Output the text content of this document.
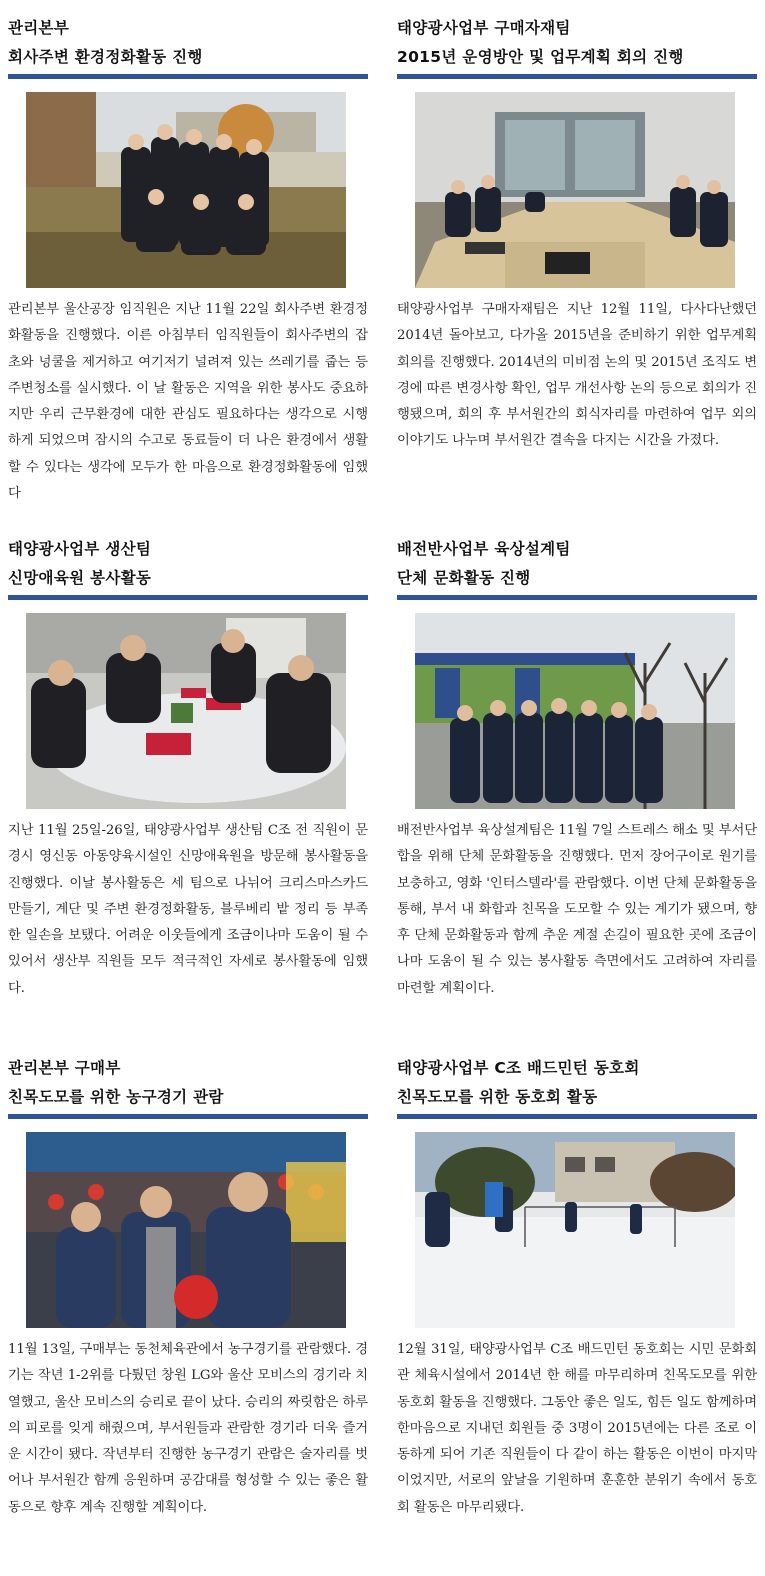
관리본부
회사주변 환경정화활동 진행
관리본부 울산공장 임직원은 지난 11월 22일 회사주변 환경정화활동을 진행했다. 이른 아침부터 임직원들이 회사주변의 잡초와 넝쿨을 제거하고 여기저기 널려져 있는 쓰레기를 줍는 등 주변청소를 실시했다. 이 날 활동은 지역을 위한 봉사도 중요하지만 우리 근무환경에 대한 관심도 필요하다는 생각으로 시행하게 되었으며 잠시의 수고로 동료들이 더 나은 환경에서 생활할 수 있다는 생각에 모두가 한 마음으로 환경정화활동에 임했다
태양광사업부 구매자재팀
2015년 운영방안 및 업무계획 회의 진행
태양광사업부 구매자재팀은 지난 12월 11일, 다사다난했던 2014년 돌아보고, 다가올 2015년을 준비하기 위한 업무계획 회의를 진행했다. 2014년의 미비점 논의 및 2015년 조직도 변경에 따른 변경사항 확인, 업무 개선사항 논의 등으로 회의가 진행됐으며, 회의 후 부서원간의 회식자리를 마련하여 업무 외의 이야기도 나누며 부서원간 결속을 다지는 시간을 가졌다.
태양광사업부 생산팀
신망애육원 봉사활동
지난 11월 25일-26일, 태양광사업부 생산팀 C조 전 직원이 문경시 영신동 아동양육시설인 신망애육원을 방문해 봉사활동을 진행했다. 이날 봉사활동은 세 팀으로 나뉘어 크리스마스카드 만들기, 계단 및 주변 환경정화활동, 블루베리 밭 정리 등 부족한 일손을 보탰다. 어려운 이웃들에게 조금이나마 도움이 될 수 있어서 생산부 직원들 모두 적극적인 자세로 봉사활동에 임했다.
배전반사업부 육상설계팀
단체 문화활동 진행
배전반사업부 육상설계팀은 11월 7일 스트레스 해소 및 부서단합을 위해 단체 문화활동을 진행했다. 먼저 장어구이로 원기를 보충하고, 영화 '인터스텔라'를 관람했다. 이번 단체 문화활동을 통해, 부서 내 화합과 친목을 도모할 수 있는 계기가 됐으며, 향후 단체 문화활동과 함께 추운 계절 손길이 필요한 곳에 조금이나마 도움이 될 수 있는 봉사활동 측면에서도 고려하여 자리를 마련할 계획이다.
관리본부 구매부
친목도모를 위한 농구경기 관람
11월 13일, 구매부는 동천체육관에서 농구경기를 관람했다. 경기는 작년 1-2위를 다퉜던 창원 LG와 울산 모비스의 경기라 치열했고, 울산 모비스의 승리로 끝이 났다. 승리의 짜릿함은 하루의 피로를 잊게 해줬으며, 부서원들과 관람한 경기라 더욱 즐거운 시간이 됐다. 작년부터 진행한 농구경기 관람은 술자리를 벗어나 부서원간 함께 응원하며 공감대를 형성할 수 있는 좋은 활동으로 향후 계속 진행할 계획이다.
태양광사업부 C조 배드민턴 동호회
친목도모를 위한 동호회 활동
12월 31일, 태양광사업부 C조 배드민턴 동호회는 시민 문화회관 체육시설에서 2014년 한 해를 마무리하며 친목도모를 위한 동호회 활동을 진행했다. 그동안 좋은 일도, 힘든 일도 함께하며 한마음으로 지내던 회원들 중 3명이 2015년에는 다른 조로 이동하게 되어 기존 직원들이 다 같이 하는 활동은 이번이 마지막이었지만, 서로의 앞날을 기원하며 훈훈한 분위기 속에서 동호회 활동은 마무리됐다.
